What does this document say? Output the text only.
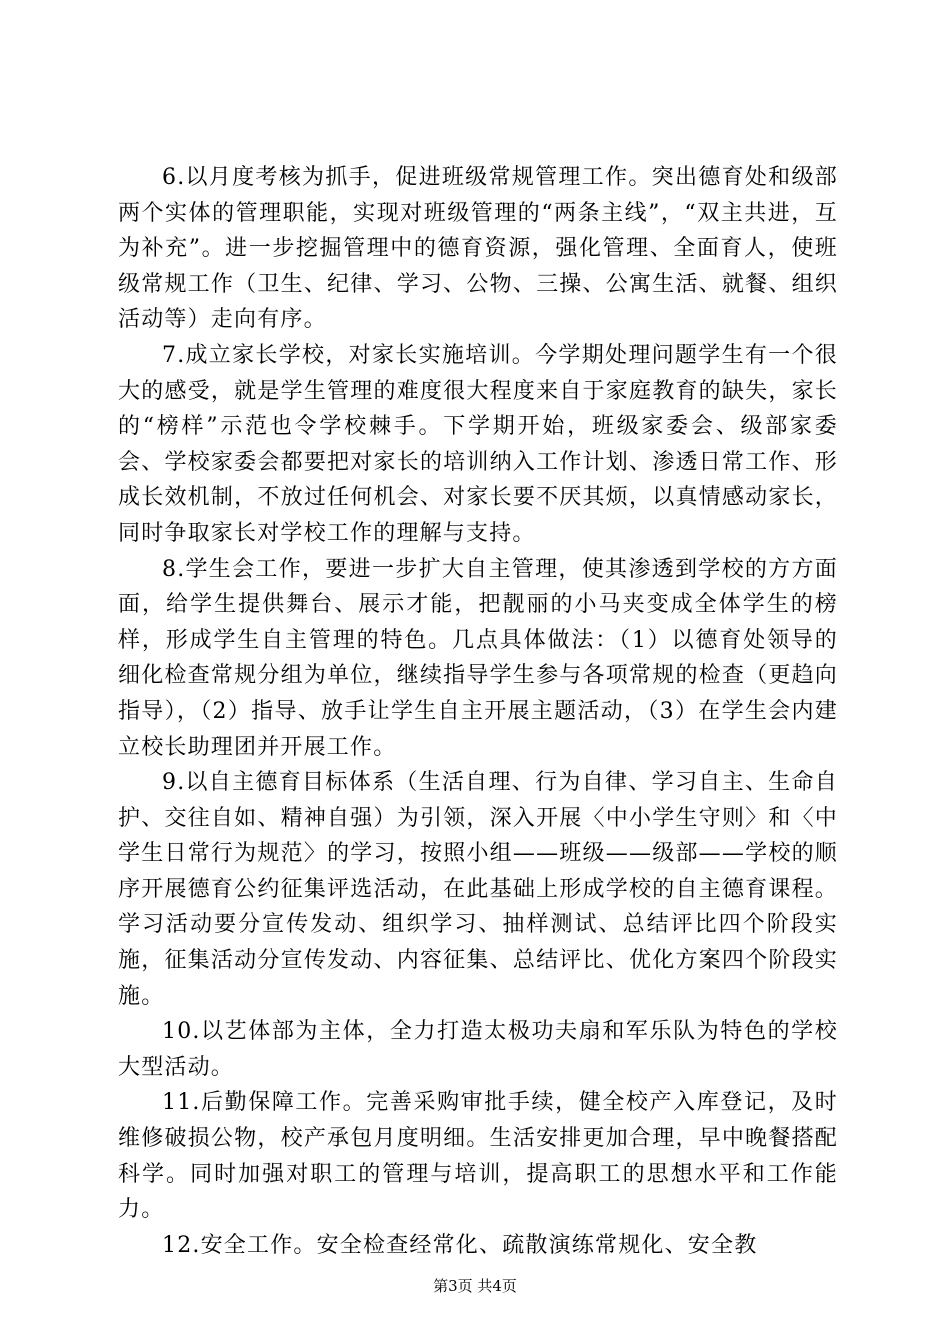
6.以月度考核为抓手，促进班级常规管理工作。突出德育处和级部两个实体的管理职能，实现对班级管理的“两条主线”，“双主共进，互为补充”。进一步挖掘管理中的德育资源，强化管理、全面育人，使班级常规工作（卫生、纪律、学习、公物、三操、公寓生活、就餐、组织活动等）走向有序。

7.成立家长学校，对家长实施培训。今学期处理问题学生有一个很大的感受，就是学生管理的难度很大程度来自于家庭教育的缺失，家长的“榜样”示范也令学校棘手。下学期开始，班级家委会、级部家委会、学校家委会都要把对家长的培训纳入工作计划、渗透日常工作、形成长效机制，不放过任何机会、对家长要不厌其烦，以真情感动家长，同时争取家长对学校工作的理解与支持。

8.学生会工作，要进一步扩大自主管理，使其渗透到学校的方方面面，给学生提供舞台、展示才能，把靓丽的小马夹变成全体学生的榜样，形成学生自主管理的特色。几点具体做法：（1）以德育处领导的细化检查常规分组为单位，继续指导学生参与各项常规的检查（更趋向指导），（2）指导、放手让学生自主开展主题活动，（3）在学生会内建立校长助理团并开展工作。

9.以自主德育目标体系（生活自理、行为自律、学习自主、生命自护、交往自如、精神自强）为引领，深入开展〈中小学生守则〉和〈中学生日常行为规范〉的学习，按照小组——班级——级部——学校的顺序开展德育公约征集评选活动，在此基础上形成学校的自主德育课程。学习活动要分宣传发动、组织学习、抽样测试、总结评比四个阶段实施，征集活动分宣传发动、内容征集、总结评比、优化方案四个阶段实施。

10.以艺体部为主体，全力打造太极功夫扇和军乐队为特色的学校大型活动。

11.后勤保障工作。完善采购审批手续，健全校产入库登记，及时维修破损公物，校产承包月度明细。生活安排更加合理，早中晚餐搭配科学。同时加强对职工的管理与培训，提高职工的思想水平和工作能力。

12.安全工作。安全检查经常化、疏散演练常规化、安全教

第3页 共4页
